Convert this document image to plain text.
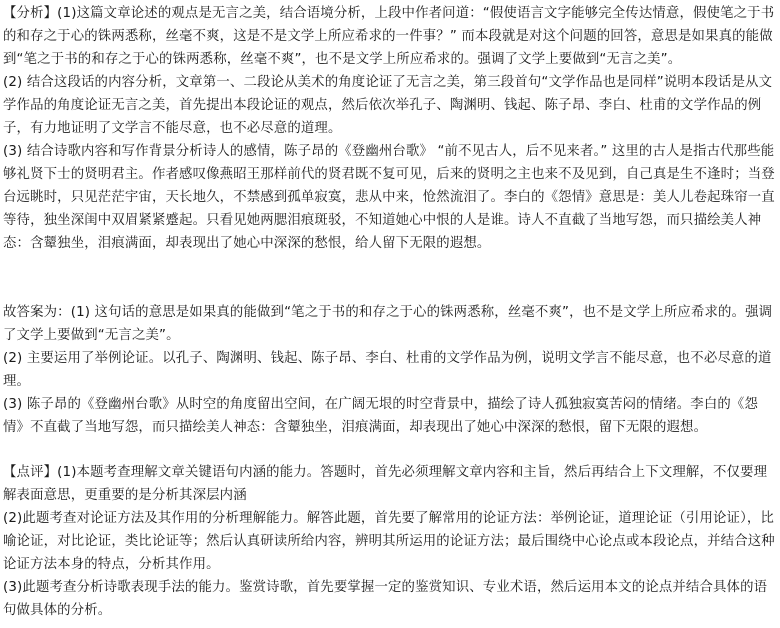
【分析】(1)这篇文章论述的观点是无言之美，结合语境分析，上段中作者问道：“假使语言文字能够完全传达情意，假使笔之于书的和存之于心的铢两悉称，丝毫不爽，这是不是文学上所应希求的一件事？” 而本段就是对这个问题的回答，意思是如果真的能做到“笔之于书的和存之于心的铢两悉称，丝毫不爽”，也不是文学上所应希求的。强调了文学上要做到“无言之美”。

(2) 结合这段话的内容分析，文章第一、二段论从美术的角度论证了无言之美，第三段首句“文学作品也是同样”说明本段话是从文学作品的角度论证无言之美，首先提出本段论证的观点，然后依次举孔子、陶渊明、钱起、陈子昂、李白、杜甫的文学作品的例子，有力地证明了文学言不能尽意，也不必尽意的道理。

(3) 结合诗歌内容和写作背景分析诗人的感情，陈子昂的《登幽州台歌》 “前不见古人，后不见来者。” 这里的古人是指古代那些能够礼贤下士的贤明君主。作者感叹像燕昭王那样前代的贤君既不复可见，后来的贤明之主也来不及见到，自己真是生不逢时；当登台远眺时，只见茫茫宇宙，天长地久，不禁感到孤单寂寞，悲从中来，怆然流泪了。李白的《怨情》意思是：美人儿卷起珠帘一直等待，独坐深闺中双眉紧紧蹙起。只看见她两腮泪痕斑驳，不知道她心中恨的人是谁。诗人不直截了当地写怨，而只描绘美人神态：含颦独坐，泪痕满面，却表现出了她心中深深的愁恨，给人留下无限的遐想。

故答案为：(1) 这句话的意思是如果真的能做到“笔之于书的和存之于心的铢两悉称，丝毫不爽”，也不是文学上所应希求的。强调了文学上要做到“无言之美”。

(2) 主要运用了举例论证。以孔子、陶渊明、钱起、陈子昂、李白、杜甫的文学作品为例，说明文学言不能尽意，也不必尽意的道理。

(3) 陈子昂的《登幽州台歌》从时空的角度留出空间，在广阔无垠的时空背景中，描绘了诗人孤独寂寞苦闷的情绪。李白的《怨情》不直截了当地写怨，而只描绘美人神态：含颦独坐，泪痕满面，却表现出了她心中深深的愁恨，留下无限的遐想。

【点评】(1)本题考查理解文章关键语句内涵的能力。答题时，首先必须理解文章内容和主旨，然后再结合上下文理解，不仅要理解表面意思，更重要的是分析其深层内涵

(2)此题考查对论证方法及其作用的分析理解能力。解答此题，首先要了解常用的论证方法：举例论证，道理论证（引用论证），比喻论证，对比论证，类比论证等；然后认真研读所给内容，辨明其所运用的论证方法；最后围绕中心论点或本段论点，并结合这种论证方法本身的特点，分析其作用。

(3)此题考查分析诗歌表现手法的能力。鉴赏诗歌，首先要掌握一定的鉴赏知识、专业术语，然后运用本文的论点并结合具体的语句做具体的分析。
